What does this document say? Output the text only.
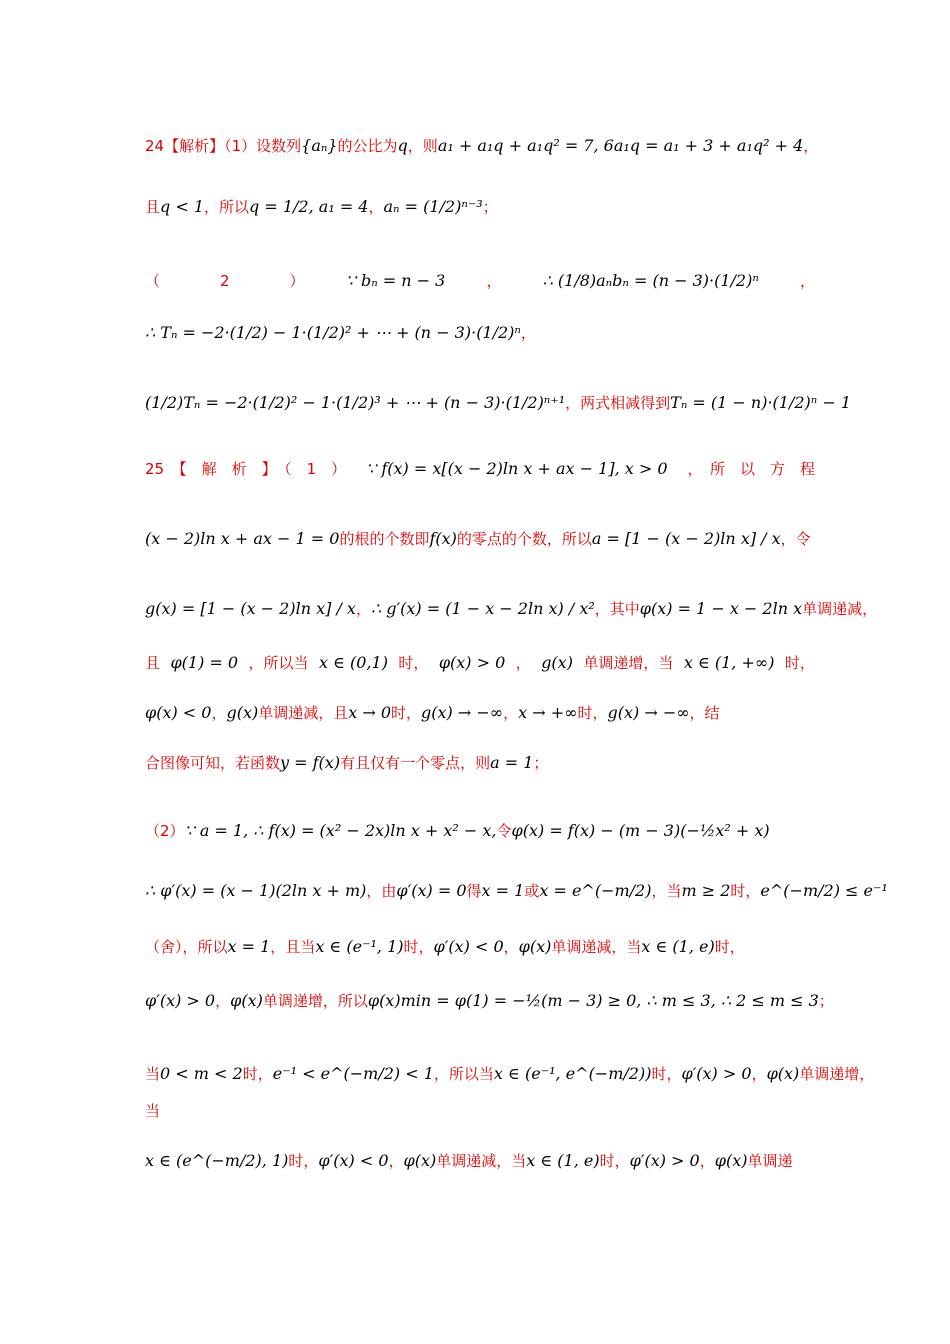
24【解析】（1）设数列 {aₙ} 的公比为 q ，则 a₁ + a₁q + a₁q² = 7, 6a₁q = a₁ + 3 + a₁q² + 4 ，
且 q < 1 ，所以 q = 1/2, a₁ = 4 ， aₙ = (1/2)ⁿ⁻³ ；
（　　　　2　　　　）	∵ bₙ = n − 3	，	∴ (1/8)aₙbₙ = (n − 3)·(1/2)ⁿ	，
∴ Tₙ = −2·(1/2) − 1·(1/2)² + ⋯ + (n − 3)·(1/2)ⁿ ，
(1/2)Tₙ = −2·(1/2)² − 1·(1/2)³ + ⋯ + (n − 3)·(1/2)ⁿ⁺¹ ，两式相减得到 Tₙ = (1 − n)·(1/2)ⁿ − 1
25　【　解　析　】　（　1　） ∵ f(x) = x[(x − 2)ln x + ax − 1], x > 0 ，　所　以　方　程
(x − 2)ln x + ax − 1 = 0 的根的个数即 f(x) 的零点的个数，所以 a = [1 − (x − 2)ln x] / x ，令
g(x) = [1 − (x − 2)ln x] / x ， ∴ g′(x) = (1 − x − 2ln x) / x² ，其中 φ(x) = 1 − x − 2ln x 单调递减，
且 φ(1) = 0 ，所以当 x ∈ (0,1) 时， φ(x) > 0 ， g(x) 单调递增，当 x ∈ (1, +∞) 时，
φ(x) < 0 ， g(x) 单调递减，且 x → 0 时， g(x) → −∞ ， x → +∞ 时， g(x) → −∞ ，结
合图像可知，若函数 y = f(x) 有且仅有一个零点，则 a = 1 ；
（2） ∵ a = 1, ∴ f(x) = (x² − 2x)ln x + x² − x, 令 φ(x) = f(x) − (m − 3)(−½x² + x)
∴ φ′(x) = (x − 1)(2ln x + m) ，由 φ′(x) = 0 得 x = 1 或 x = e^(−m/2) ，当 m ≥ 2 时， e^(−m/2) ≤ e⁻¹
（舍），所以 x = 1 ，且当 x ∈ (e⁻¹, 1) 时， φ′(x) < 0 ， φ(x) 单调递减，当 x ∈ (1, e) 时，
φ′(x) > 0 ， φ(x) 单调递增，所以 φ(x)min = φ(1) = −½(m − 3) ≥ 0, ∴ m ≤ 3, ∴ 2 ≤ m ≤ 3 ；
当 0 < m < 2 时， e⁻¹ < e^(−m/2) < 1 ，所以当 x ∈ (e⁻¹, e^(−m/2)) 时， φ′(x) > 0 ， φ(x) 单调递增，
当
x ∈ (e^(−m/2), 1) 时， φ′(x) < 0 ， φ(x) 单调递减，当 x ∈ (1, e) 时， φ′(x) > 0 ， φ(x) 单调递
